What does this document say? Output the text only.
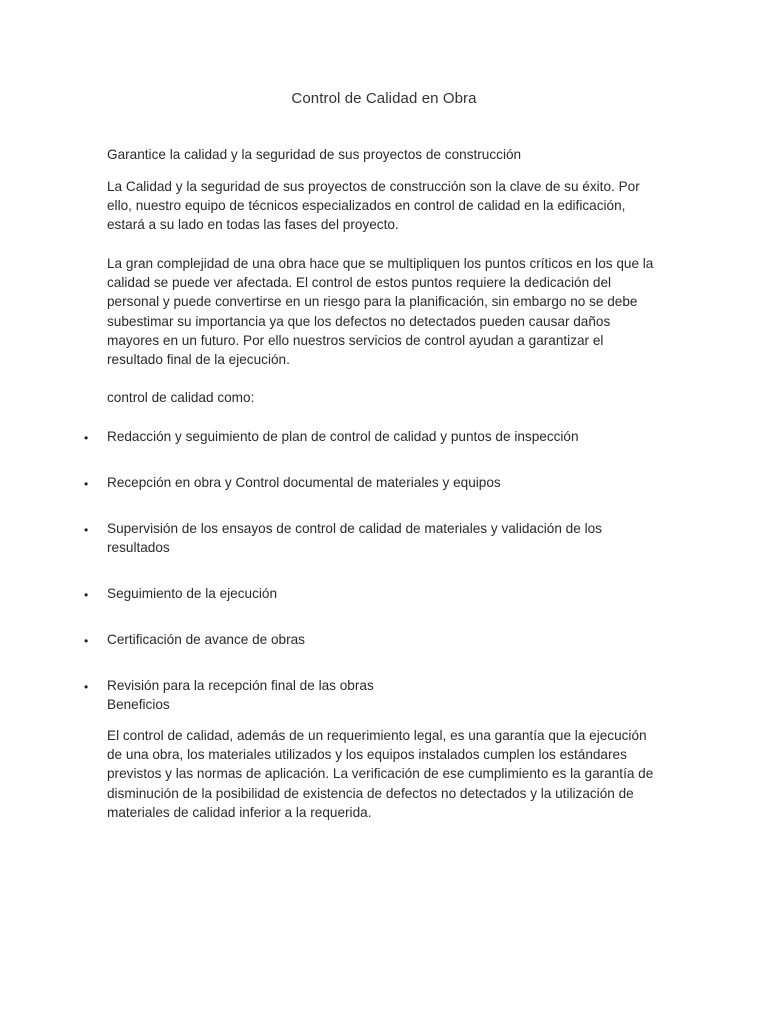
Control de Calidad en Obra
Garantice la calidad y la seguridad de sus proyectos de construcción
La Calidad y la seguridad de sus proyectos de construcción son la clave de su éxito. Por
ello, nuestro equipo de técnicos especializados en control de calidad en la edificación,
estará a su lado en todas las fases del proyecto.
La gran complejidad de una obra hace que se multipliquen los puntos críticos en los que la
calidad se puede ver afectada. El control de estos puntos requiere la dedicación del
personal y puede convertirse en un riesgo para la planificación, sin embargo no se debe
subestimar su importancia ya que los defectos no detectados pueden causar daños
mayores en un futuro. Por ello nuestros servicios de control ayudan a garantizar el
resultado final de la ejecución.
control de calidad como:
• Redacción y seguimiento de plan de control de calidad y puntos de inspección
• Recepción en obra y Control documental de materiales y equipos
• Supervisión de los ensayos de control de calidad de materiales y validación de los
resultados
• Seguimiento de la ejecución
• Certificación de avance de obras
• Revisión para la recepción final de las obras
Beneficios
El control de calidad, además de un requerimiento legal, es una garantía que la ejecución
de una obra, los materiales utilizados y los equipos instalados cumplen los estándares
previstos y las normas de aplicación. La verificación de ese cumplimiento es la garantía de
disminución de la posibilidad de existencia de defectos no detectados y la utilización de
materiales de calidad inferior a la requerida.
